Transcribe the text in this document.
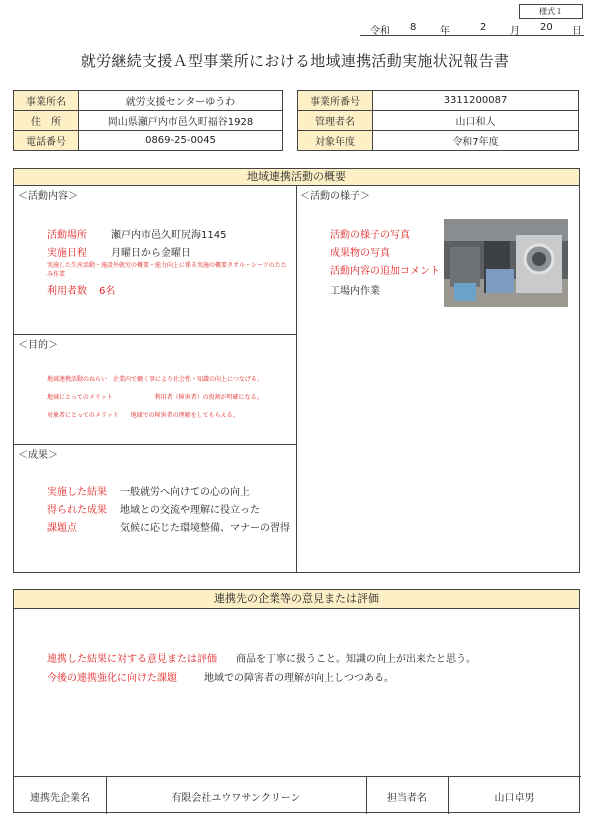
様式１
令和 8 年	2 月 20 日
就労継続支援Ａ型事業所における地域連携活動実施状況報告書
事業所名	就労支援センターゆうわ
住　所	岡山県瀬戸内市邑久町福谷1928
電話番号	0869-25-0045
事業所番号	3311200087
管理者名	山口和人
対象年度	令和7年度
地域連携活動の概要
＜活動内容＞
活動場所 瀬戸内市邑久町尻海1145
実施日程 月曜日から金曜日
実施した生産活動・施設外就労の概要・能力向上に係る実施の概要タオル・シーツのたたみ作業
利用者数 6名
＜目的＞
地域連携活動のねらい　企業内で働く事により社会性・知識の向上につなげる。
地域にとってのメリット　　　　　　　利用者（障害者）の役割が明確になる。
対象者にとってのメリット　　地域での障害者の理解をしてもらえる。
＜成果＞
実施した結果 一般就労へ向けての心の向上
得られた成果 地域との交流や理解に役立った
課題点	気候に応じた環境整備、マナーの習得
＜活動の様子＞
活動の様子の写真
成果物の写真
活動内容の追加コメント
工場内作業
連携先の企業等の意見または評価
連携した結果に対する意見または評価 商品を丁寧に扱うこと。知識の向上が出来たと思う。
今後の連携強化に向けた課題	地域での障害者の理解が向上しつつある。
連携先企業名	有限会社ユウワサンクリーン	担当者名	山口卓男
